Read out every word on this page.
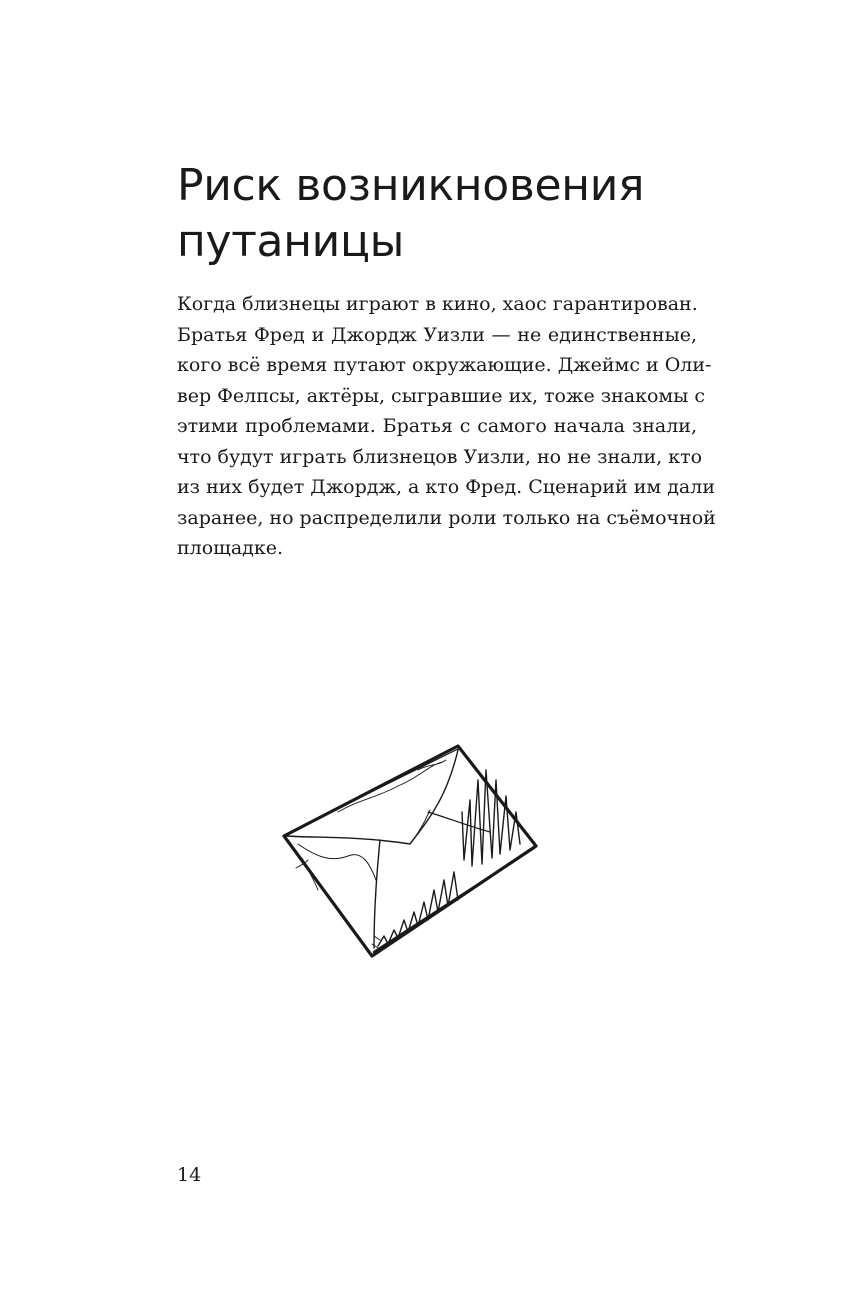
Риск возникновения
путаницы
Когда близнецы играют в кино, хаос гарантирован.
Братья Фред и Джордж Уизли — не единственные,
кого всё время путают окружающие. Джеймс и Оли-
вер Фелпсы, актёры, сыгравшие их, тоже знакомы с
этими проблемами. Братья с самого начала знали,
что будут играть близнецов Уизли, но не знали, кто
из них будет Джордж, а кто Фред. Сценарий им дали
заранее, но распределили роли только на съёмочной
площадке.
14
